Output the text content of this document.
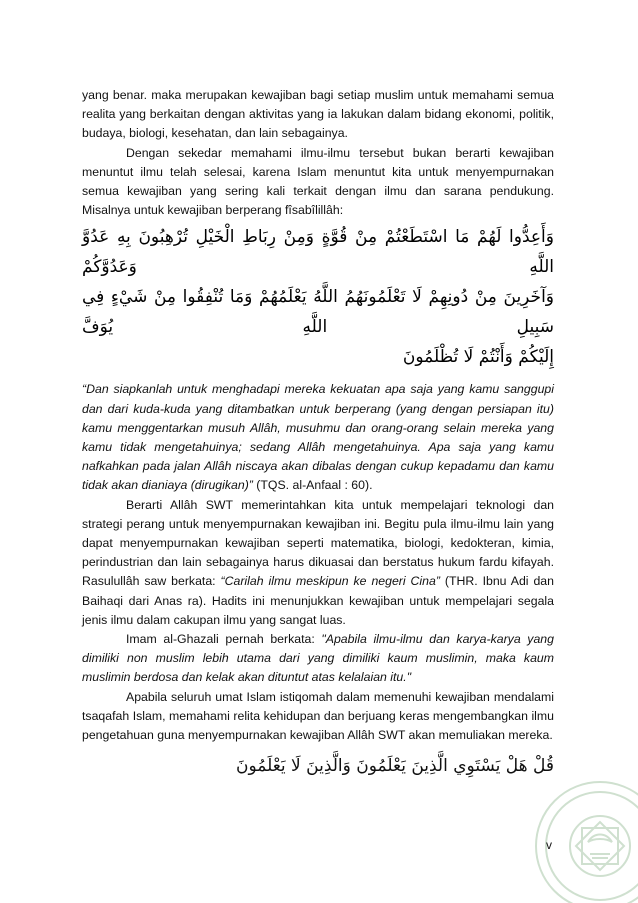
yang benar. maka merupakan kewajiban bagi setiap muslim untuk memahami semua realita yang berkaitan dengan aktivitas yang ia lakukan dalam bidang ekonomi, politik, budaya, biologi, kesehatan, dan lain sebagainya.

Dengan sekedar memahami ilmu-ilmu tersebut bukan berarti kewajiban menuntut ilmu telah selesai, karena Islam menuntut kita untuk menyempurnakan semua kewajiban yang sering kali terkait dengan ilmu dan sarana pendukung. Misalnya untuk kewajiban berperang fîsabîlillâh:

وَأَعِدُّوا لَهُمْ مَا اسْتَطَعْتُمْ مِنْ قُوَّةٍ وَمِنْ رِبَاطِ الْخَيْلِ تُرْهِبُونَ بِهِ عَدُوَّ اللَّهِ وَعَدُوَّكُمْ
وَآخَرِينَ مِنْ دُونِهِمْ لَا تَعْلَمُونَهُمُ اللَّهُ يَعْلَمُهُمْ وَمَا تُنْفِقُوا مِنْ شَيْءٍ فِي سَبِيلِ اللَّهِ يُوَفَّ
إِلَيْكُمْ وَأَنْتُمْ لَا تُظْلَمُونَ

“Dan siapkanlah untuk menghadapi mereka kekuatan apa saja yang kamu sanggupi dan dari kuda-kuda yang ditambatkan untuk berperang (yang dengan persiapan itu) kamu menggentarkan musuh Allâh, musuhmu dan orang-orang selain mereka yang kamu tidak mengetahuinya; sedang Allâh mengetahuinya. Apa saja yang kamu nafkahkan pada jalan Allâh niscaya akan dibalas dengan cukup kepadamu dan kamu tidak akan dianiaya (dirugikan)” (TQS. al-Anfaal : 60).

Berarti Allâh SWT memerintahkan kita untuk mempelajari teknologi dan strategi perang untuk menyempurnakan kewajiban ini. Begitu pula ilmu-ilmu lain yang dapat menyempurnakan kewajiban seperti matematika, biologi, kedokteran, kimia, perindustrian dan lain sebagainya harus dikuasai dan berstatus hukum fardu kifayah. Rasulullâh saw berkata: “Carilah ilmu meskipun ke negeri Cina” (THR. Ibnu Adi dan Baihaqi dari Anas ra). Hadits ini menunjukkan kewajiban untuk mempelajari segala jenis ilmu dalam cakupan ilmu yang sangat luas.

Imam al-Ghazali pernah berkata: "Apabila ilmu-ilmu dan karya-karya yang dimiliki non muslim lebih utama dari yang dimiliki kaum muslimin, maka kaum muslimin berdosa dan kelak akan dituntut atas kelalaian itu."

Apabila seluruh umat Islam istiqomah dalam memenuhi kewajiban mendalami tsaqafah Islam, memahami relita kehidupan dan berjuang keras mengembangkan ilmu pengetahuan guna menyempurnakan kewajiban Allâh SWT akan memuliakan mereka.

قُلْ هَلْ يَسْتَوِي الَّذِينَ يَعْلَمُونَ وَالَّذِينَ لَا يَعْلَمُونَ
v
